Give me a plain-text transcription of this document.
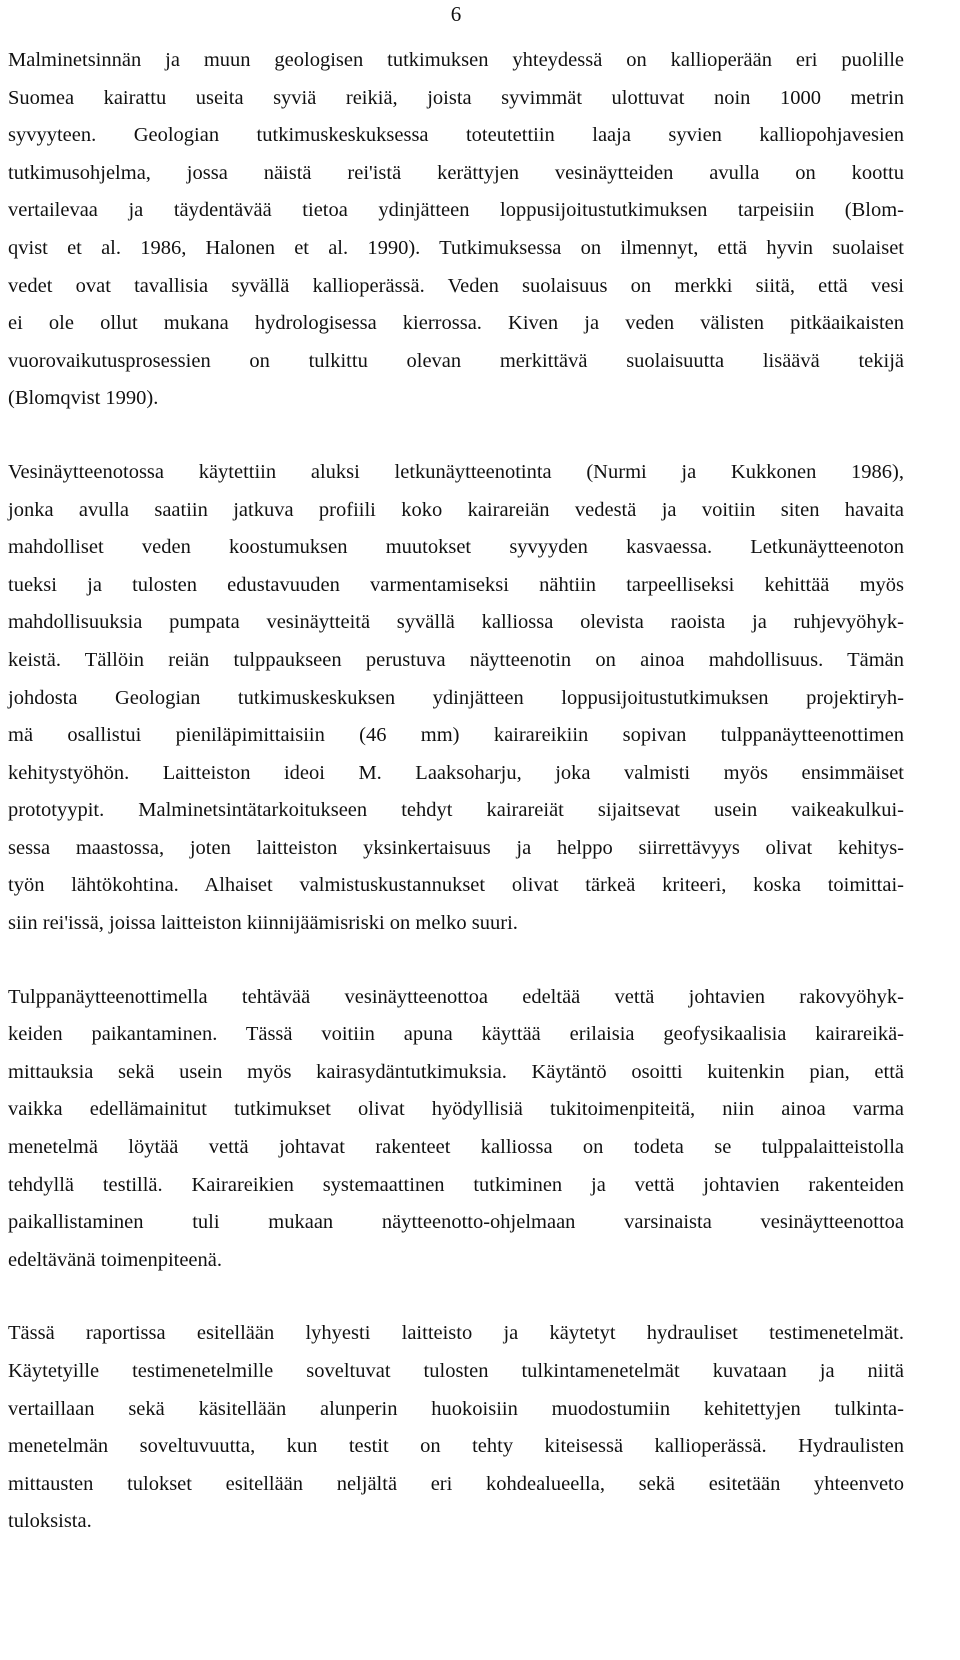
6
Malminetsinnän ja muun geologisen tutkimuksen yhteydessä on kallioperään eri puolille
Suomea kairattu useita syviä reikiä, joista syvimmät ulottuvat noin 1000 metrin
syvyyteen. Geologian tutkimuskeskuksessa toteutettiin laaja syvien kalliopohjavesien
tutkimusohjelma, jossa näistä rei'istä kerättyjen vesinäytteiden avulla on koottu
vertailevaa ja täydentävää tietoa ydinjätteen loppusijoitustutkimuksen tarpeisiin (Blom-
qvist et al. 1986, Halonen et al. 1990). Tutkimuksessa on ilmennyt, että hyvin suolaiset
vedet ovat tavallisia syvällä kallioperässä. Veden suolaisuus on merkki siitä, että vesi
ei ole ollut mukana hydrologisessa kierrossa. Kiven ja veden välisten pitkäaikaisten
vuorovaikutusprosessien on tulkittu olevan merkittävä suolaisuutta lisäävä tekijä
(Blomqvist 1990).
Vesinäytteenotossa käytettiin aluksi letkunäytteenotinta (Nurmi ja Kukkonen 1986),
jonka avulla saatiin jatkuva profiili koko kairareiän vedestä ja voitiin siten havaita
mahdolliset veden koostumuksen muutokset syvyyden kasvaessa. Letkunäytteenoton
tueksi ja tulosten edustavuuden varmentamiseksi nähtiin tarpeelliseksi kehittää myös
mahdollisuuksia pumpata vesinäytteitä syvällä kalliossa olevista raoista ja ruhjevyöhyk-
keistä. Tällöin reiän tulppaukseen perustuva näytteenotin on ainoa mahdollisuus. Tämän
johdosta Geologian tutkimuskeskuksen ydinjätteen loppusijoitustutkimuksen projektiryh-
mä osallistui pieniläpimittaisiin (46 mm) kairareikiin sopivan tulppanäytteenottimen
kehitystyöhön. Laitteiston ideoi M. Laaksoharju, joka valmisti myös ensimmäiset
prototyypit. Malminetsintätarkoitukseen tehdyt kairareiät sijaitsevat usein vaikeakulkui-
sessa maastossa, joten laitteiston yksinkertaisuus ja helppo siirrettävyys olivat kehitys-
työn lähtökohtina. Alhaiset valmistuskustannukset olivat tärkeä kriteeri, koska toimittai-
siin rei'issä, joissa laitteiston kiinnijäämisriski on melko suuri.
Tulppanäytteenottimella tehtävää vesinäytteenottoa edeltää vettä johtavien rakovyöhyk-
keiden paikantaminen. Tässä voitiin apuna käyttää erilaisia geofysikaalisia kairareikä-
mittauksia sekä usein myös kairasydäntutkimuksia. Käytäntö osoitti kuitenkin pian, että
vaikka edellämainitut tutkimukset olivat hyödyllisiä tukitoimenpiteitä, niin ainoa varma
menetelmä löytää vettä johtavat rakenteet kalliossa on todeta se tulppalaitteistolla
tehdyllä testillä. Kairareikien systemaattinen tutkiminen ja vettä johtavien rakenteiden
paikallistaminen tuli mukaan näytteenotto-ohjelmaan varsinaista vesinäytteenottoa
edeltävänä toimenpiteenä.
Tässä raportissa esitellään lyhyesti laitteisto ja käytetyt hydrauliset testimenetelmät.
Käytetyille testimenetelmille soveltuvat tulosten tulkintamenetelmät kuvataan ja niitä
vertaillaan sekä käsitellään alunperin huokoisiin muodostumiin kehitettyjen tulkinta-
menetelmän soveltuvuutta, kun testit on tehty kiteisessä kallioperässä. Hydraulisten
mittausten tulokset esitellään neljältä eri kohdealueella, sekä esitetään yhteenveto
tuloksista.
